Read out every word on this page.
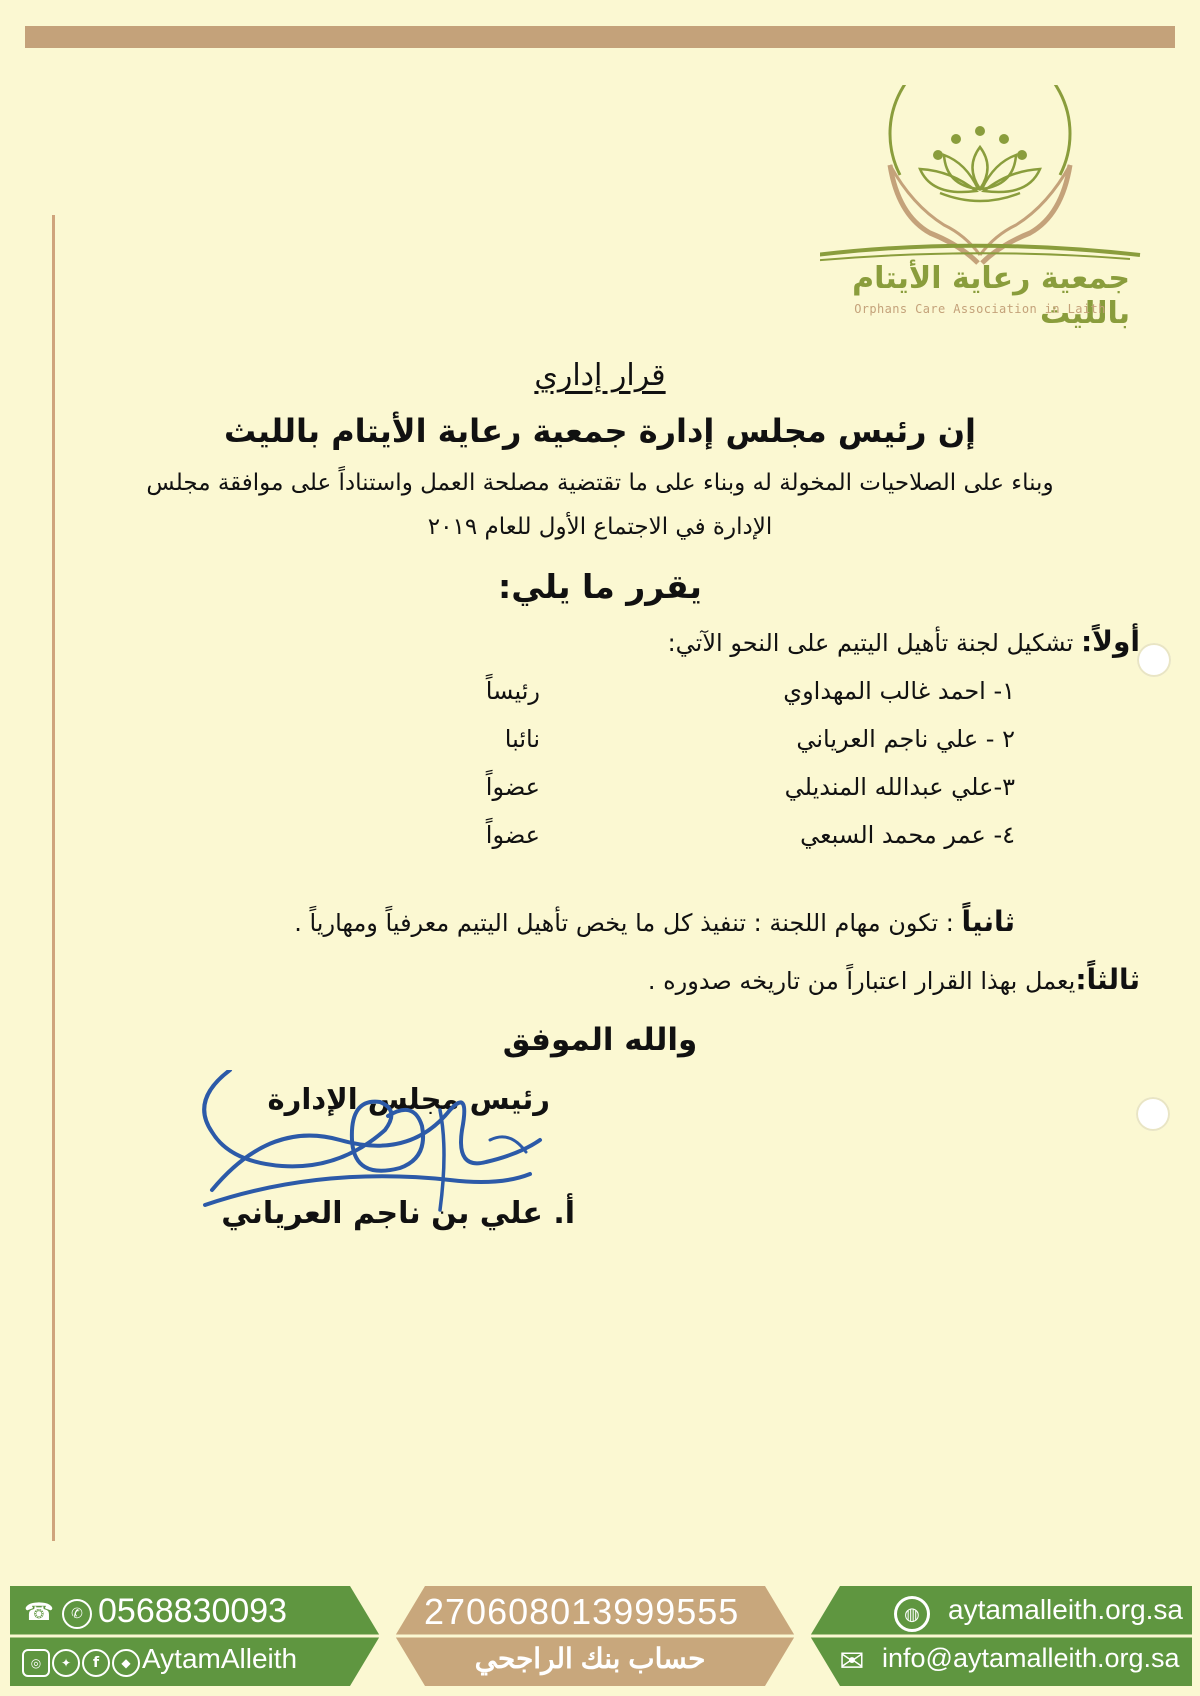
جمعية رعاية الأيتام بالليث
Orphans Care Association in Laith
قرار إداري
إن رئيس مجلس إدارة جمعية رعاية الأيتام بالليث
وبناء على الصلاحيات المخولة له وبناء على ما تقتضية مصلحة العمل واستناداً على موافقة مجلس
الإدارة في الاجتماع الأول للعام ٢٠١٩
يقرر ما يلي:
أولاً: تشكيل لجنة تأهيل اليتيم على النحو الآتي:
١- احمد غالب المهداوي
رئيساً
٢ - علي ناجم العرياني
نائبا
٣-علي عبدالله المنديلي
عضواً
٤- عمر محمد السبعي
عضواً
ثانياً : تكون مهام اللجنة : تنفيذ كل ما يخص تأهيل اليتيم معرفياً ومهارياً .
ثالثاً:يعمل بهذا القرار اعتباراً من تاريخه صدوره .
والله الموفق
رئيس مجلس الإدارة
أ. علي بن ناجم العرياني
☎	✆ 0568830093
◎	✦	f	◆ AytamAlleith
270608013999555
حساب بنك الراجحي
◍	aytamalleith.org.sa
✉ info@aytamalleith.org.sa
